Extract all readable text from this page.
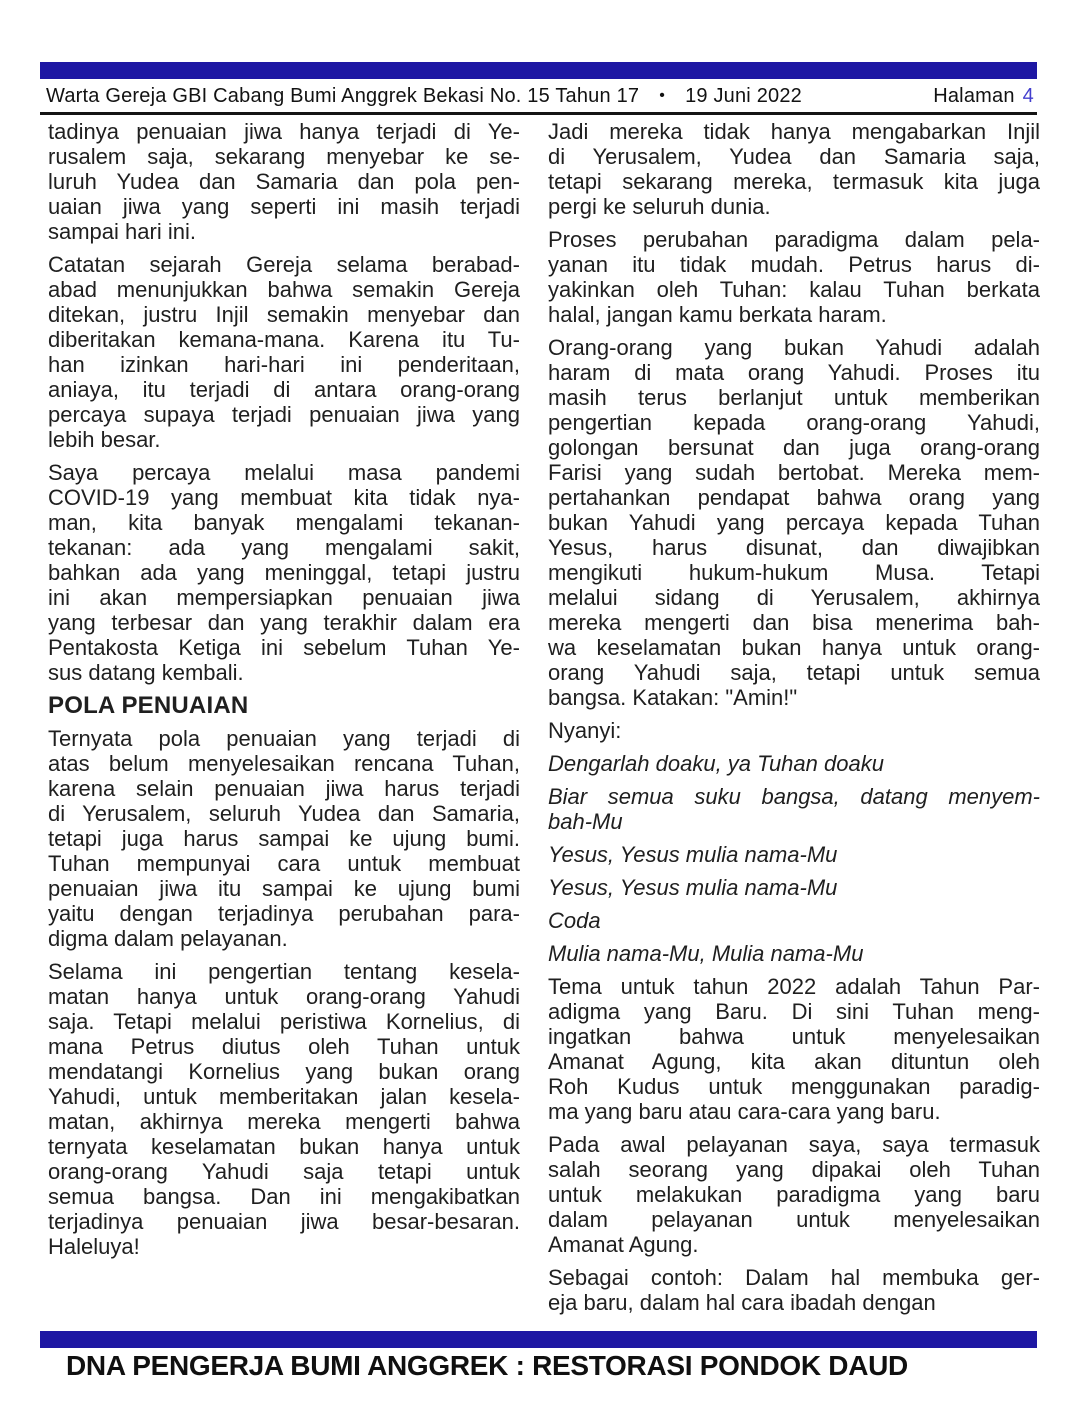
Warta Gereja GBI Cabang Bumi Anggrek Bekasi No. 15 Tahun 17 • 19 Juni 2022	Halaman 4
tadinya penuaian jiwa hanya terjadi di Ye-
rusalem saja, sekarang menyebar ke se-
luruh Yudea dan Samaria dan pola pen-
uaian jiwa yang seperti ini masih terjadi
sampai hari ini.
Catatan sejarah Gereja selama berabad-
abad menunjukkan bahwa semakin Gereja
ditekan, justru Injil semakin menyebar dan
diberitakan kemana-mana. Karena itu Tu-
han izinkan hari-hari ini penderitaan,
aniaya, itu terjadi di antara orang-orang
percaya supaya terjadi penuaian jiwa yang
lebih besar.
Saya percaya melalui masa pandemi
COVID-19 yang membuat kita tidak nya-
man, kita banyak mengalami tekanan-
tekanan: ada yang mengalami sakit,
bahkan ada yang meninggal, tetapi justru
ini akan mempersiapkan penuaian jiwa
yang terbesar dan yang terakhir dalam era
Pentakosta Ketiga ini sebelum Tuhan Ye-
sus datang kembali.
POLA PENUAIAN
Ternyata pola penuaian yang terjadi di
atas belum menyelesaikan rencana Tuhan,
karena selain penuaian jiwa harus terjadi
di Yerusalem, seluruh Yudea dan Samaria,
tetapi juga harus sampai ke ujung bumi.
Tuhan mempunyai cara untuk membuat
penuaian jiwa itu sampai ke ujung bumi
yaitu dengan terjadinya perubahan para-
digma dalam pelayanan.
Selama ini pengertian tentang kesela-
matan hanya untuk orang-orang Yahudi
saja. Tetapi melalui peristiwa Kornelius, di
mana Petrus diutus oleh Tuhan untuk
mendatangi Kornelius yang bukan orang
Yahudi, untuk memberitakan jalan kesela-
matan, akhirnya mereka mengerti bahwa
ternyata keselamatan bukan hanya untuk
orang-orang Yahudi saja tetapi untuk
semua bangsa. Dan ini mengakibatkan
terjadinya penuaian jiwa besar-besaran.
Haleluya!
Jadi mereka tidak hanya mengabarkan Injil
di Yerusalem, Yudea dan Samaria saja,
tetapi sekarang mereka, termasuk kita juga
pergi ke seluruh dunia.
Proses perubahan paradigma dalam pela-
yanan itu tidak mudah. Petrus harus di-
yakinkan oleh Tuhan: kalau Tuhan berkata
halal, jangan kamu berkata haram.
Orang-orang yang bukan Yahudi adalah
haram di mata orang Yahudi. Proses itu
masih terus berlanjut untuk memberikan
pengertian kepada orang-orang Yahudi,
golongan bersunat dan juga orang-orang
Farisi yang sudah bertobat. Mereka mem-
pertahankan pendapat bahwa orang yang
bukan Yahudi yang percaya kepada Tuhan
Yesus, harus disunat, dan diwajibkan
mengikuti hukum-hukum Musa. Tetapi
melalui sidang di Yerusalem, akhirnya
mereka mengerti dan bisa menerima bah-
wa keselamatan bukan hanya untuk orang-
orang Yahudi saja, tetapi untuk semua
bangsa. Katakan: "Amin!"
Nyanyi:
Dengarlah doaku, ya Tuhan doaku
Biar semua suku bangsa, datang menyem-
bah-Mu
Yesus, Yesus mulia nama-Mu
Yesus, Yesus mulia nama-Mu
Coda
Mulia nama-Mu, Mulia nama-Mu
Tema untuk tahun 2022 adalah Tahun Par-
adigma yang Baru. Di sini Tuhan meng-
ingatkan bahwa untuk menyelesaikan
Amanat Agung, kita akan dituntun oleh
Roh Kudus untuk menggunakan paradig-
ma yang baru atau cara-cara yang baru.
Pada awal pelayanan saya, saya termasuk
salah seorang yang dipakai oleh Tuhan
untuk melakukan paradigma yang baru
dalam pelayanan untuk menyelesaikan
Amanat Agung.
Sebagai contoh: Dalam hal membuka ger-
eja baru, dalam hal cara ibadah dengan
DNA PENGERJA BUMI ANGGREK : RESTORASI PONDOK DAUD
